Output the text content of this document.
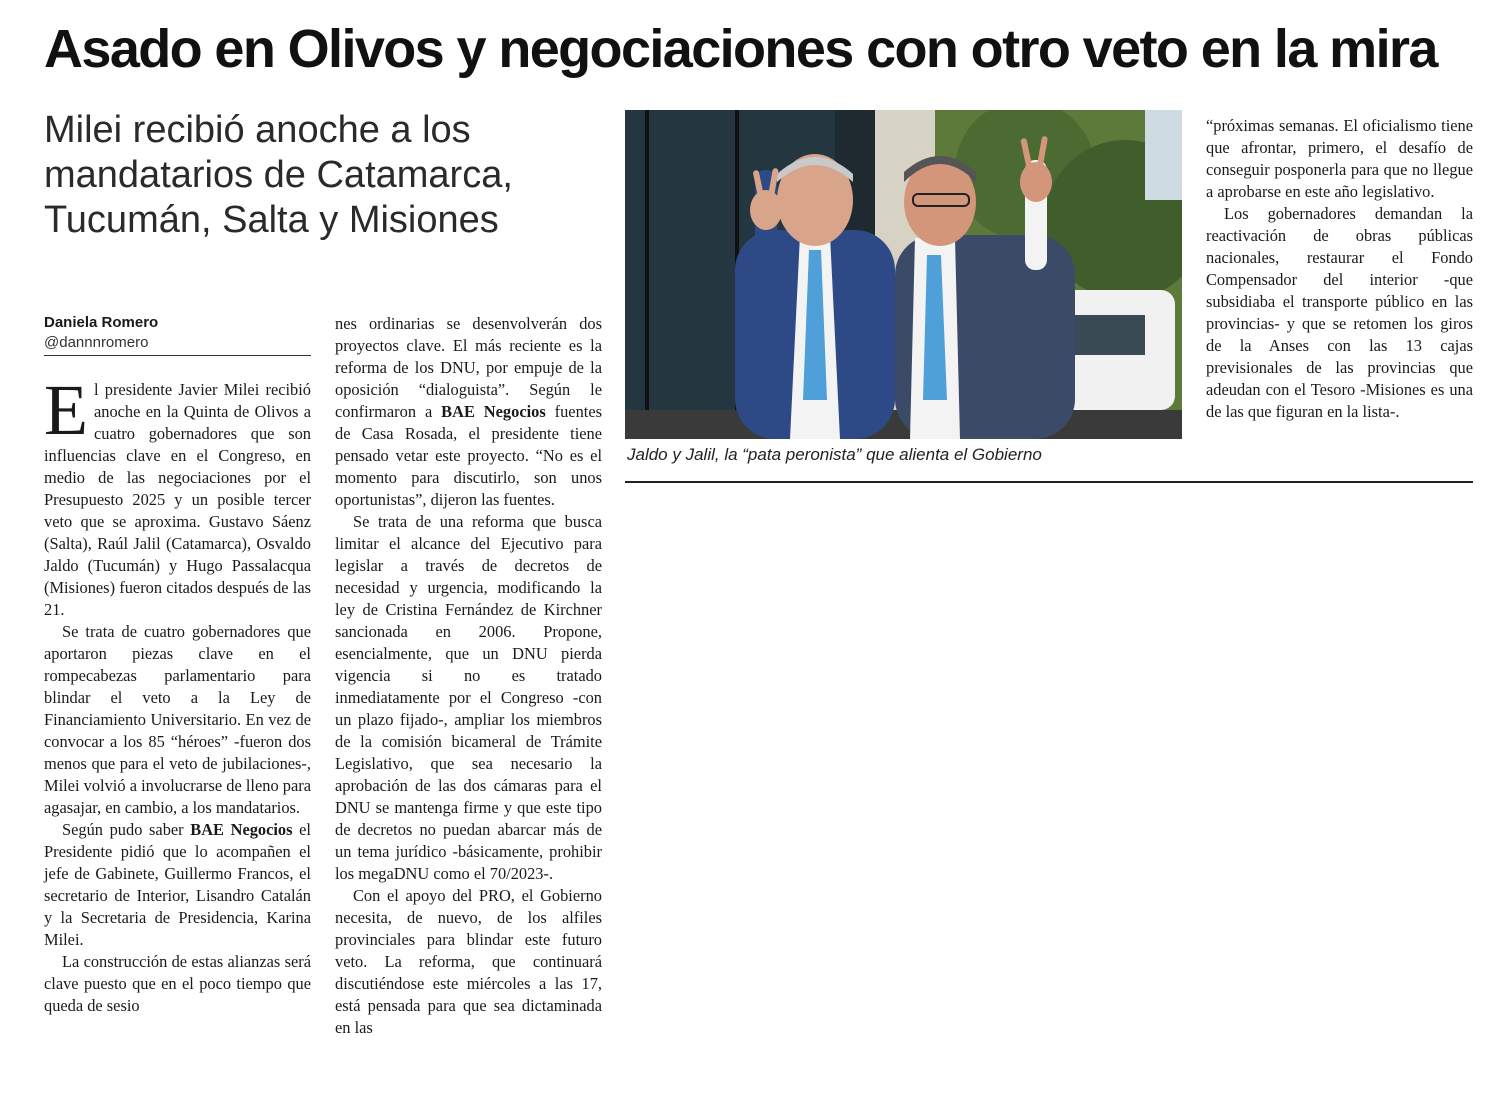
Asado en Olivos y negociaciones con otro veto en la mira
Milei recibió anoche a los mandatarios de Catamarca, Tucumán, Salta y Misiones
Daniela Romero
@dannnromero

El presidente Javier Milei recibió anoche en la Quinta de Olivos a cuatro gobernadores que son influencias clave en el Congreso, en medio de las negociaciones por el Presupuesto 2025 y un posible tercer veto que se aproxima. Gustavo Sáenz (Salta), Raúl Jalil (Catamarca), Osvaldo Jaldo (Tucumán) y Hugo Passalacqua (Misiones) fueron citados después de las 21.

Se trata de cuatro gobernadores que aportaron piezas clave en el rompecabezas parlamentario para blindar el veto a la Ley de Financiamiento Universitario. En vez de convocar a los 85 “héroes” -fueron dos menos que para el veto de jubilaciones-, Milei volvió a involucrarse de lleno para agasajar, en cambio, a los mandatarios.

Según pudo saber BAE Negocios el Presidente pidió que lo acompañen el jefe de Gabinete, Guillermo Francos, el secretario de Interior, Lisandro Catalán y la Secretaria de Presidencia, Karina Milei.

La construcción de estas alianzas será clave puesto que en el poco tiempo que queda de sesio

nes ordinarias se desenvolverán dos proyectos clave. El más reciente es la reforma de los DNU, por empuje de la oposición “dialoguista”. Según le confirmaron a BAE Negocios fuentes de Casa Rosada, el presidente tiene pensado vetar este proyecto. “No es el momento para discutirlo, son unos oportunistas”, dijeron las fuentes.

Se trata de una reforma que busca limitar el alcance del Ejecutivo para legislar a través de decretos de necesidad y urgencia, modificando la ley de Cristina Fernández de Kirchner sancionada en 2006. Propone, esencialmente, que un DNU pierda vigencia si no es tratado inmediatamente por el Congreso -con un plazo fijado-, ampliar los miembros de la comisión bicameral de Trámite Legislativo, que sea necesario la aprobación de las dos cámaras para el DNU se mantenga firme y que este tipo de decretos no puedan abarcar más de un tema jurídico -básicamente, prohibir los megaDNU como el 70/2023-.

Con el apoyo del PRO, el Gobierno necesita, de nuevo, de los alfiles provinciales para blindar este futuro veto. La reforma, que continuará discutiéndose este miércoles a las 17, está pensada para que sea dictaminada en las

Jaldo y Jalil, la “pata peronista” que alienta el Gobierno

“próximas semanas. El oficialismo tiene que afrontar, primero, el desafío de conseguir posponerla para que no llegue a aprobarse en este año legislativo.

Los gobernadores demandan la reactivación de obras públicas nacionales, restaurar el Fondo Compensador del interior -que subsidiaba el transporte público en las provincias- y que se retomen los giros de la Anses con las 13 cajas previsionales de las provincias que adeudan con el Tesoro -Misiones es una de las que figuran en la lista-.
